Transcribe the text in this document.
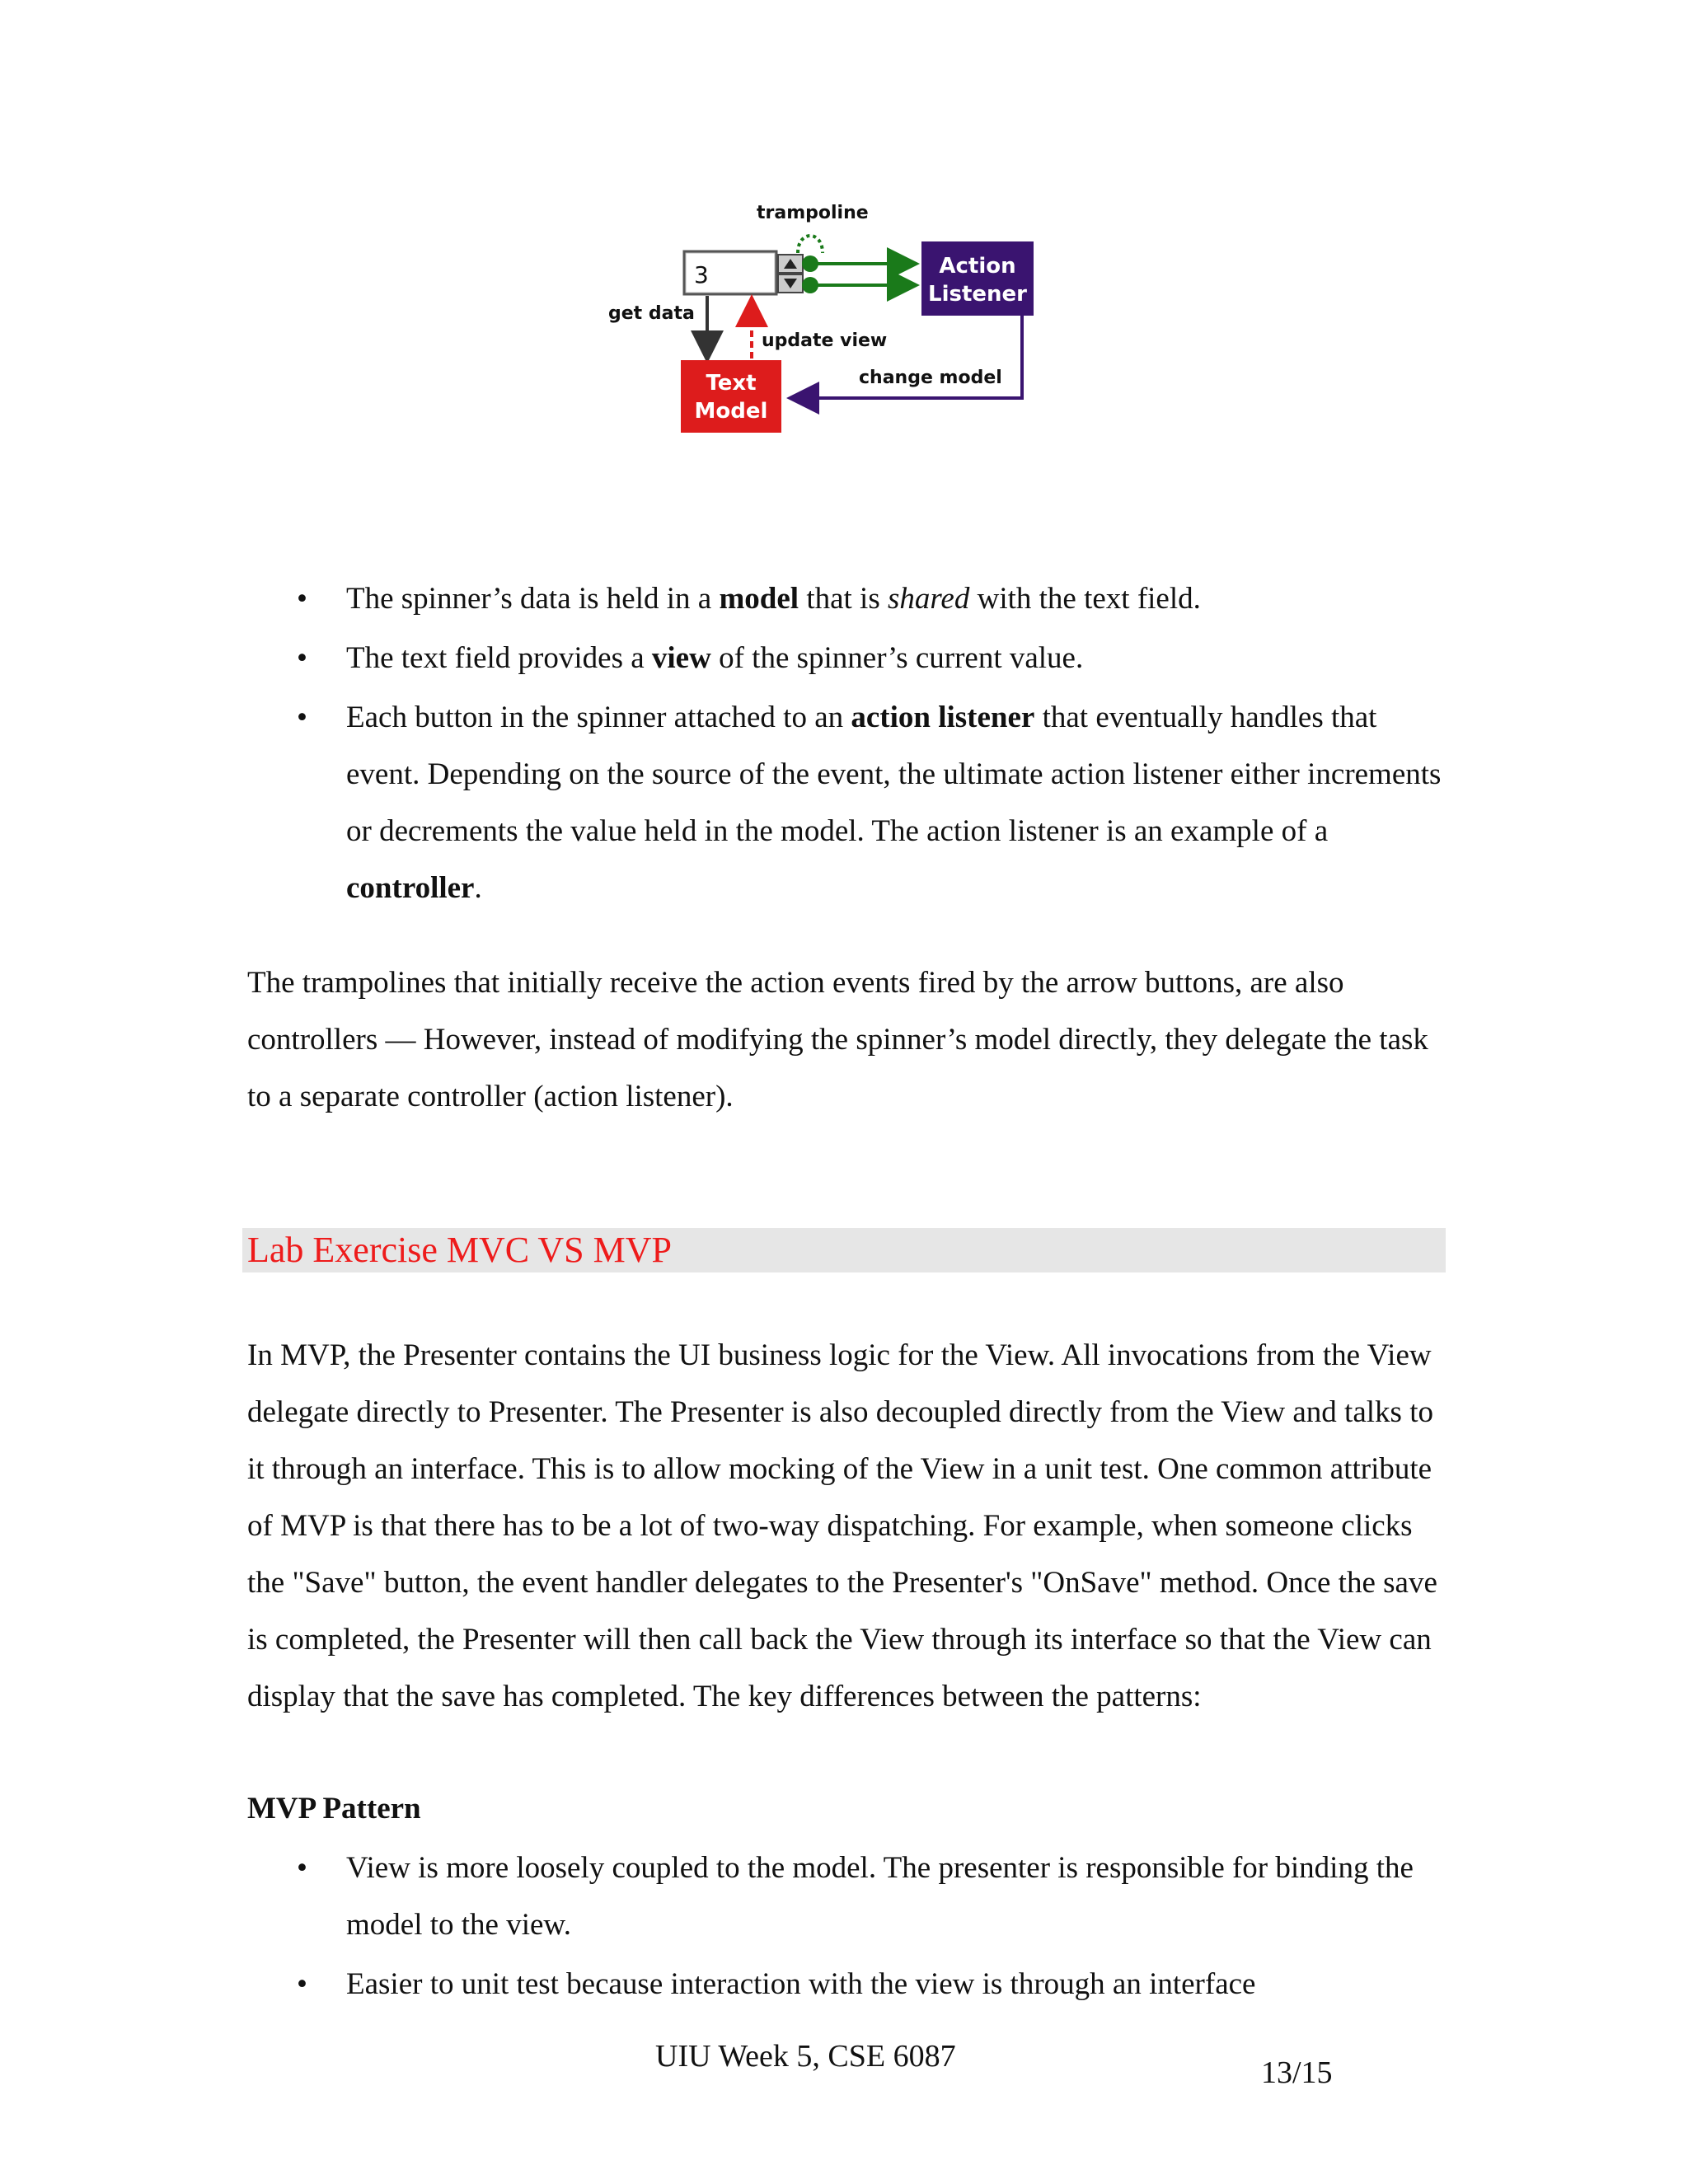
trampoline
3	Action
Listener
get data
update view
Text
Model
change model
• The spinner’s data is held in a model that is shared with the text field.
• The text field provides a view of the spinner’s current value.
• Each button in the spinner attached to an action listener that eventually handles that event. Depending on the source of the event, the ultimate action listener either increments or decrements the value held in the model. The action listener is an example of a controller.

The trampolines that initially receive the action events fired by the arrow buttons, are also controllers — However, instead of modifying the spinner’s model directly, they delegate the task to a separate controller (action listener).

Lab Exercise MVC VS MVP

In MVP, the Presenter contains the UI business logic for the View. All invocations from the View delegate directly to Presenter. The Presenter is also decoupled directly from the View and talks to it through an interface. This is to allow mocking of the View in a unit test. One common attribute of MVP is that there has to be a lot of two-way dispatching. For example, when someone clicks the "Save" button, the event handler delegates to the Presenter's "OnSave" method. Once the save is completed, the Presenter will then call back the View through its interface so that the View can display that the save has completed. The key differences between the patterns:

MVP Pattern
• View is more loosely coupled to the model. The presenter is responsible for binding the model to the view.
• Easier to unit test because interaction with the view is through an interface
UIU Week 5, CSE 6087	13/15
